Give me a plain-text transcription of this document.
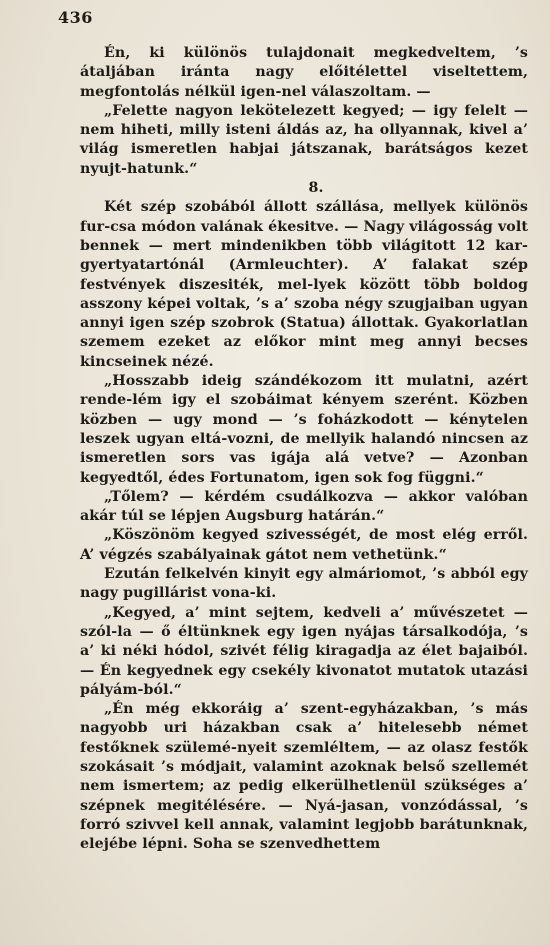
436

Én, ki különös tulajdonait megkedveltem, ’s átaljában iránta nagy előitélettel viseltettem, megfontolás nélkül igen-nel válaszoltam. —

„Felette nagyon lekötelezett kegyed; — igy felelt — nem hiheti, milly isteni áldás az, ha ollyannak, kivel a’ világ ismeretlen habjai játszanak, barátságos kezet nyujt-hatunk.“

8.

Két szép szobából állott szállása, mellyek különös fur-csa módon valának ékesitve. — Nagy világosság volt bennek — mert mindenikben több világitott 12 kar-gyertyatartónál (Armleuchter). A’ falakat szép festvények diszesiték, mel-lyek között több boldog asszony képei voltak, ’s a’ szoba négy szugjaiban ugyan annyi igen szép szobrok (Statua) állottak. Gyakorlatlan szemem ezeket az előkor mint meg annyi becses kincseinek nézé.

„Hosszabb ideig szándékozom itt mulatni, azért rende-lém igy el szobáimat kényem szerént. Közben közben — ugy mond — ’s foházkodott — kénytelen leszek ugyan eltá-vozni, de mellyik halandó nincsen az ismeretlen sors vas igája alá vetve? — Azonban kegyedtől, édes Fortunatom, igen sok fog függni.“

„Tőlem? — kérdém csudálkozva — akkor valóban akár túl se lépjen Augsburg határán.“

„Köszönöm kegyed szivességét, de most elég erről. A’ végzés szabályainak gátot nem vethetünk.“

Ezután felkelvén kinyit egy almáriomot, ’s abból egy nagy pugillárist vona-ki.

„Kegyed, a’ mint sejtem, kedveli a’ művészetet — szól-la — ő éltünknek egy igen nyájas társalkodója, ’s a’ ki néki hódol, szivét félig kiragadja az élet bajaiból. — Én kegyednek egy csekély kivonatot mutatok utazási pályám-ból.“

„Én még ekkoráig a’ szent-egyházakban, ’s más nagyobb uri házakban csak a’ hitelesebb német festőknek szülemé-nyeit szemléltem, — az olasz festők szokásait ’s módjait, valamint azoknak belső szellemét nem ismertem; az pedig elkerülhetlenül szükséges a’ szépnek megitélésére. — Nyá-jasan, vonzódással, ’s forró szivvel kell annak, valamint legjobb barátunknak, elejébe lépni. Soha se szenvedhettem
